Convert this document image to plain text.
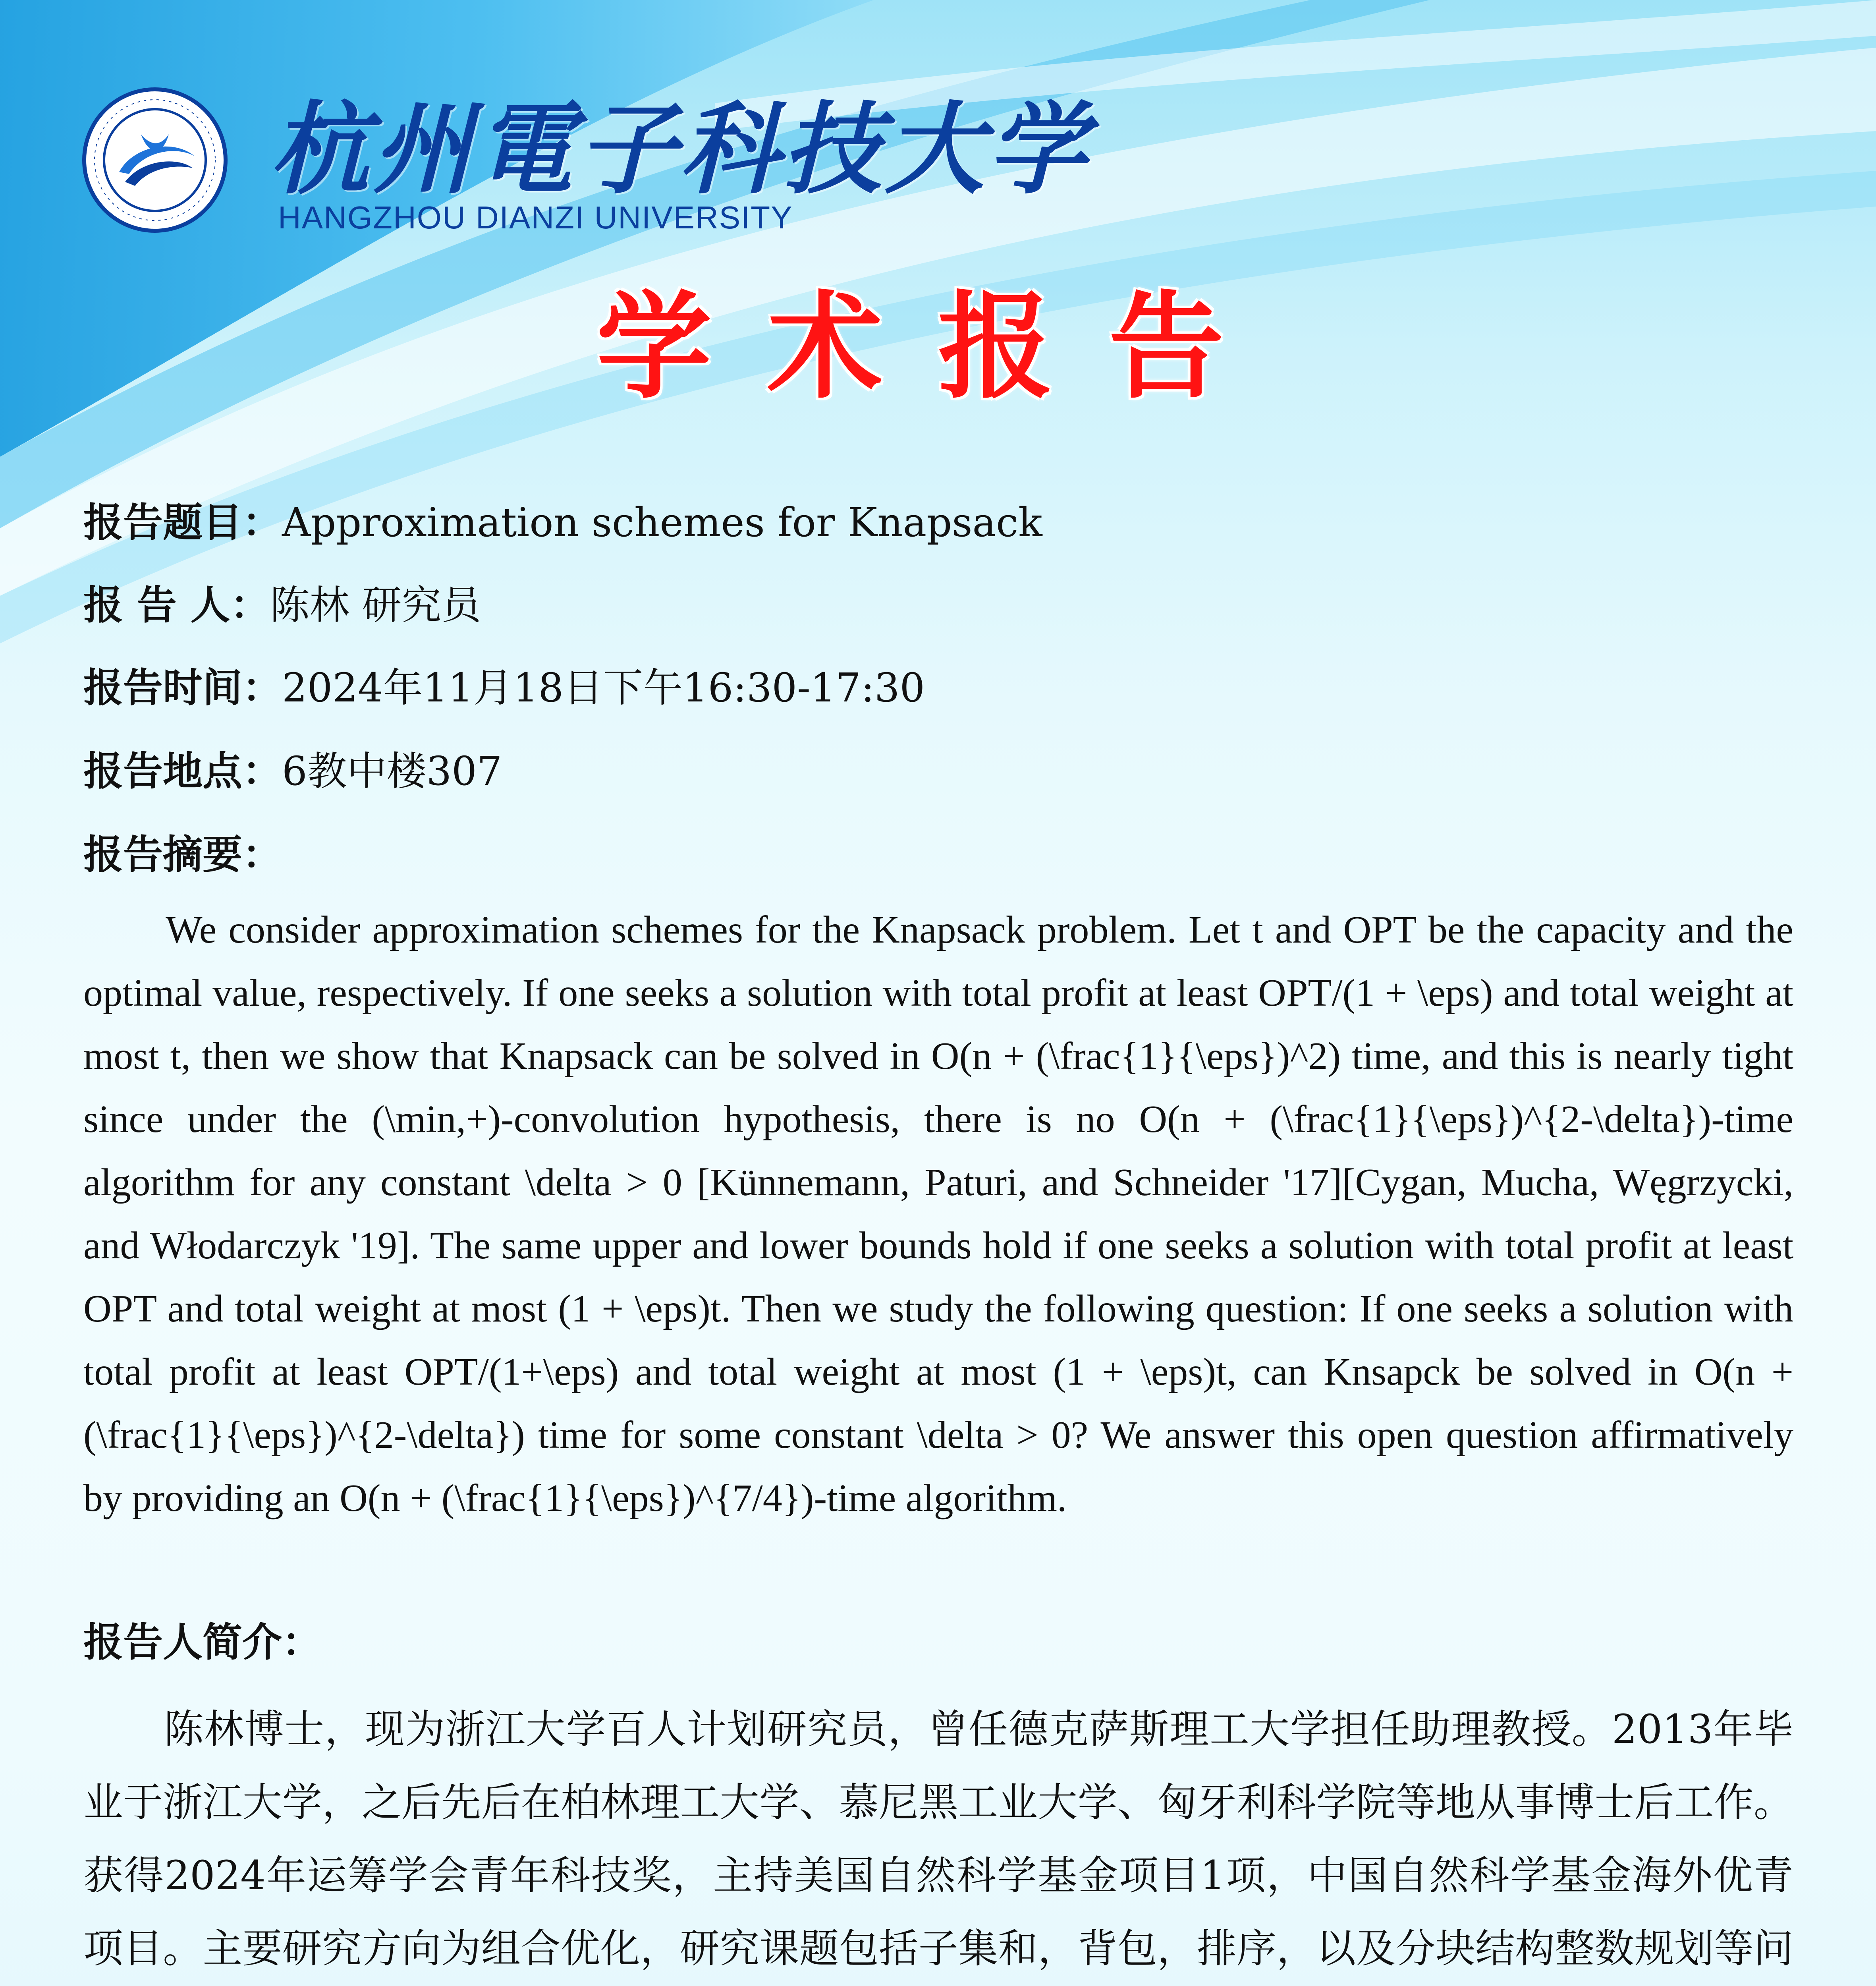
杭州電子科技大学
HANGZHOU DIANZI UNIVERSITY
学术报告
报告题目：Approximation schemes for Knapsack
报 告 人：陈林 研究员
报告时间：2024年11月18日下午16:30-17:30
报告地点：6教中楼307
报告摘要：
　　We consider approximation schemes for the Knapsack problem. Let t and OPT be the capacity and the optimal value, respectively. If one seeks a solution with total profit at least OPT/(1 + \eps) and total weight at most t, then we show that Knapsack can be solved in O(n + (\frac{1}{\eps})^2) time, and this is nearly tight since under the (\min,+)-convolution hypothesis, there is no O(n + (\frac{1}{\eps})^{2-\delta})-time algorithm for any constant \delta > 0 [Künnemann, Paturi, and Schneider '17][Cygan, Mucha, Węgrzycki, and Włodarczyk '19]. The same upper and lower bounds hold if one seeks a solution with total profit at least OPT and total weight at most (1 + \eps)t. Then we study the following question: If one seeks a solution with total profit at least OPT/(1+\eps) and total weight at most (1 + \eps)t, can Knsapck be solved in O(n + (\frac{1}{\eps})^{2-\delta}) time for some constant \delta > 0? We answer this open question affirmatively by providing an O(n + (\frac{1}{\eps})^{7/4})-time algorithm.
报告人简介：
　　陈林博士，现为浙江大学百人计划研究员，曾任德克萨斯理工大学担任助理教授。2013年毕业于浙江大学，之后先后在柏林理工大学、慕尼黑工业大学、匈牙利科学院等地从事博士后工作。获得2024年运筹学会青年科技奖，主持美国自然科学基金项目1项，中国自然科学基金海外优青项目。主要研究方向为组合优化，研究课题包括子集和，背包，排序，以及分块结构整数规划等问
